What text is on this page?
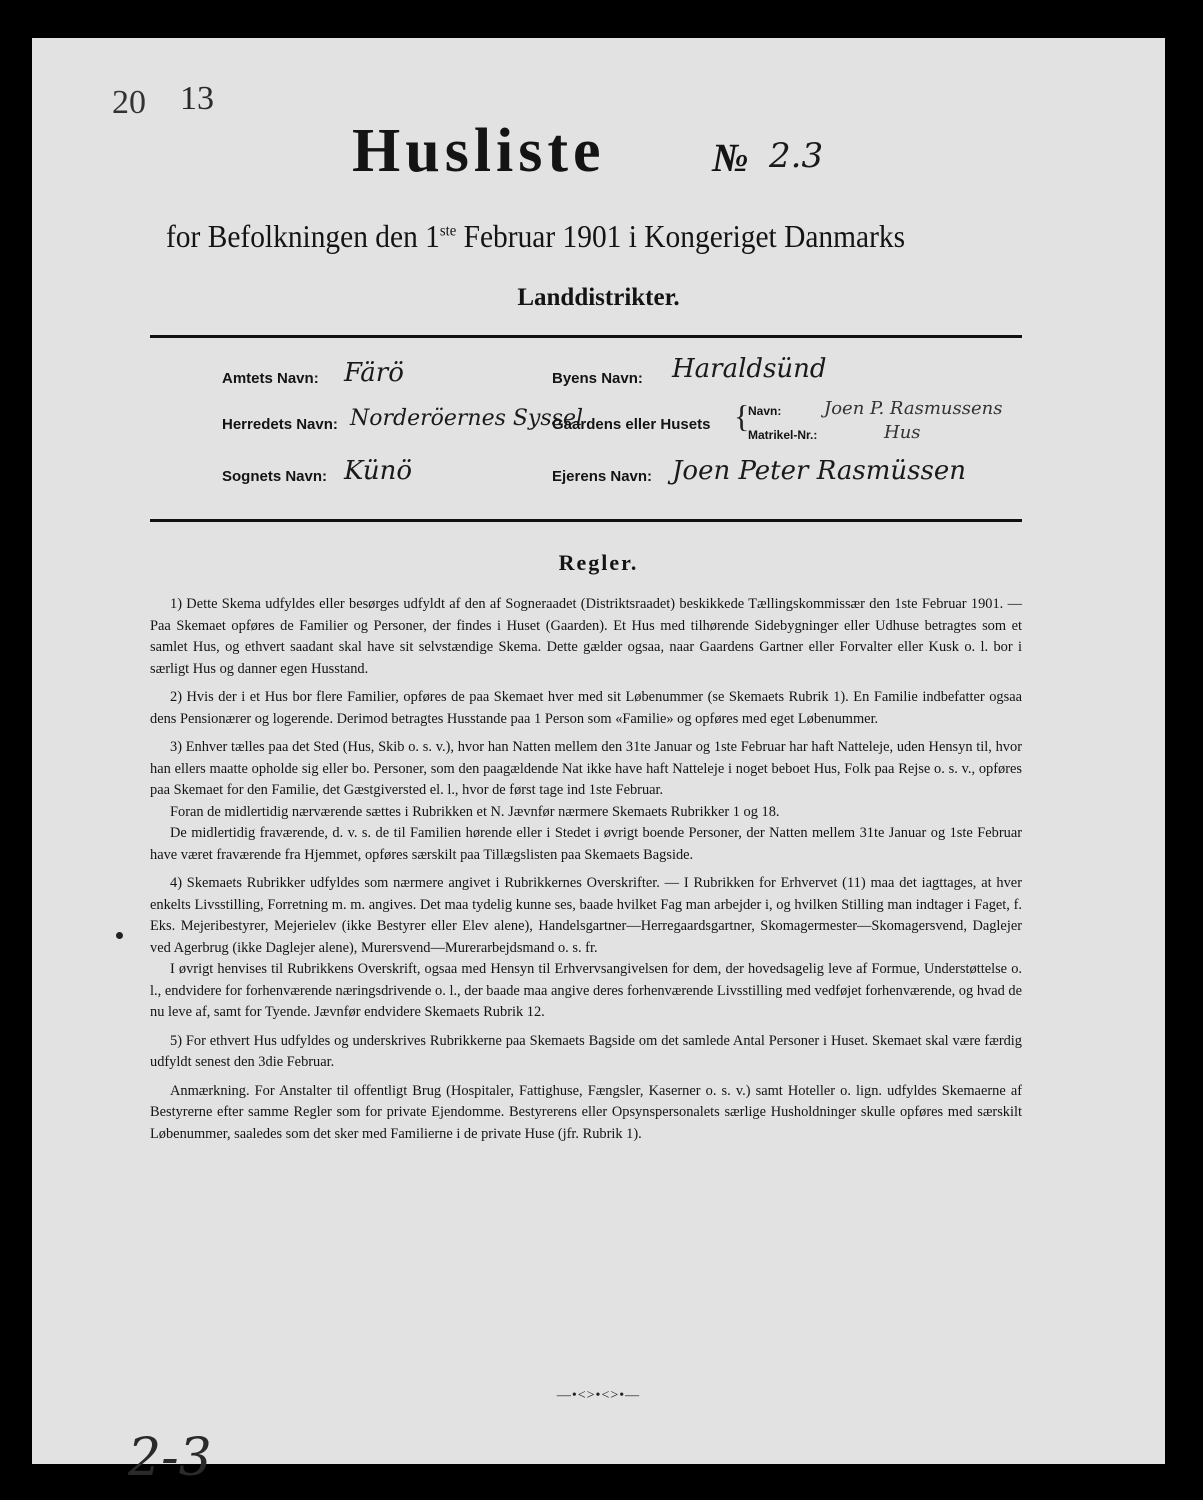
20 13
Husliste	№ 2.3
for Befolkningen den 1ste Februar 1901 i Kongeriget Danmarks
Landdistrikter.
Amtets Navn: Färö
Herredets Navn: Norderöernes Syssel
Sognets Navn: Künö
Byens Navn: Haraldsünd
Gaardens eller Husets {
Navn: Joen P. Rasmussens
Matrikel-Nr.:	Hus
Ejerens Navn: Joen Peter Rasmüssen
Regler.

1) Dette Skema udfyldes eller besørges udfyldt af den af Sogneraadet (Distriktsraadet) beskikkede Tællingskommissær den 1ste Februar 1901. — Paa Skemaet opføres de Familier og Personer, der findes i Huset (Gaarden). Et Hus med tilhørende Sidebygninger eller Udhuse betragtes som et samlet Hus, og ethvert saadant skal have sit selvstændige Skema. Dette gælder ogsaa, naar Gaardens Gartner eller Forvalter eller Kusk o. l. bor i særligt Hus og danner egen Husstand.

2) Hvis der i et Hus bor flere Familier, opføres de paa Skemaet hver med sit Løbenummer (se Skemaets Rubrik 1). En Familie indbefatter ogsaa dens Pensionærer og logerende. Derimod betragtes Husstande paa 1 Person som «Familie» og opføres med eget Løbenummer.

3) Enhver tælles paa det Sted (Hus, Skib o. s. v.), hvor han Natten mellem den 31te Januar og 1ste Februar har haft Natteleje, uden Hensyn til, hvor han ellers maatte opholde sig eller bo. Personer, som den paagældende Nat ikke have haft Natteleje i noget beboet Hus, Folk paa Rejse o. s. v., opføres paa Skemaet for den Familie, det Gæstgiversted el. l., hvor de først tage ind 1ste Februar.

Foran de midlertidig nærværende sættes i Rubrikken et N. Jævnfør nærmere Skemaets Rubrikker 1 og 18.

De midlertidig fraværende, d. v. s. de til Familien hørende eller i Stedet i øvrigt boende Personer, der Natten mellem 31te Januar og 1ste Februar have været fraværende fra Hjemmet, opføres særskilt paa Tillægslisten paa Skemaets Bagside.

4) Skemaets Rubrikker udfyldes som nærmere angivet i Rubrikkernes Overskrifter. — I Rubrikken for Erhvervet (11) maa det iagttages, at hver enkelts Livsstilling, Forretning m. m. angives. Det maa tydelig kunne ses, baade hvilket Fag man arbejder i, og hvilken Stilling man indtager i Faget, f. Eks. Mejeribestyrer, Mejerielev (ikke Bestyrer eller Elev alene), Handelsgartner—Herregaardsgartner, Skomagermester—Skomagersvend, Daglejer ved Agerbrug (ikke Daglejer alene), Murersvend—Murerarbejdsmand o. s. fr.

I øvrigt henvises til Rubrikkens Overskrift, ogsaa med Hensyn til Erhvervsangivelsen for dem, der hovedsagelig leve af Formue, Understøttelse o. l., endvidere for forhenværende næringsdrivende o. l., der baade maa angive deres forhenværende Livsstilling med vedføjet forhenværende, og hvad de nu leve af, samt for Tyende. Jævnfør endvidere Skemaets Rubrik 12.

5) For ethvert Hus udfyldes og underskrives Rubrikkerne paa Skemaets Bagside om det samlede Antal Personer i Huset. Skemaet skal være færdig udfyldt senest den 3die Februar.

Anmærkning. For Anstalter til offentligt Brug (Hospitaler, Fattighuse, Fængsler, Kaserner o. s. v.) samt Hoteller o. lign. udfyldes Skemaerne af Bestyrerne efter samme Regler som for private Ejendomme. Bestyrerens eller Opsynspersonalets særlige Husholdninger skulle opføres med særskilt Løbenummer, saaledes som det sker med Familierne i de private Huse (jfr. Rubrik 1).

—•<>•<>•—
2-3
